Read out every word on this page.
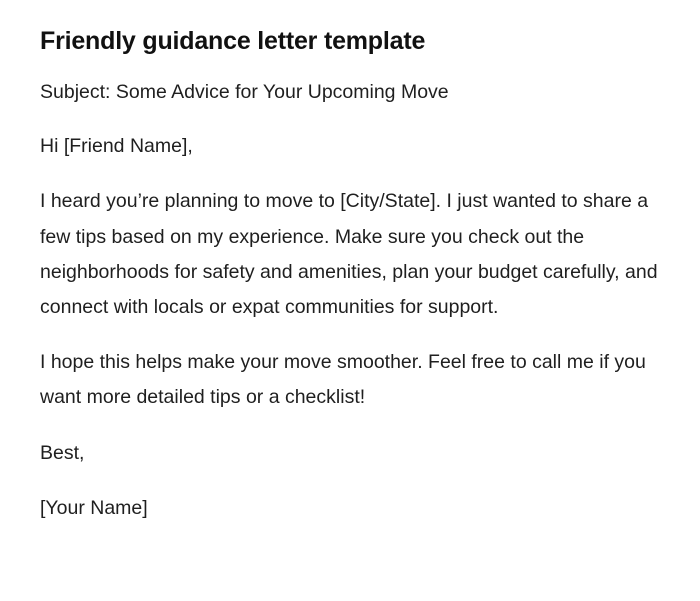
Friendly guidance letter template

Subject: Some Advice for Your Upcoming Move

Hi [Friend Name],

I heard you’re planning to move to [City/State]. I just wanted to share a few tips based on my experience. Make sure you check out the neighborhoods for safety and amenities, plan your budget carefully, and connect with locals or expat communities for support.

I hope this helps make your move smoother. Feel free to call me if you want more detailed tips or a checklist!

Best,

[Your Name]
